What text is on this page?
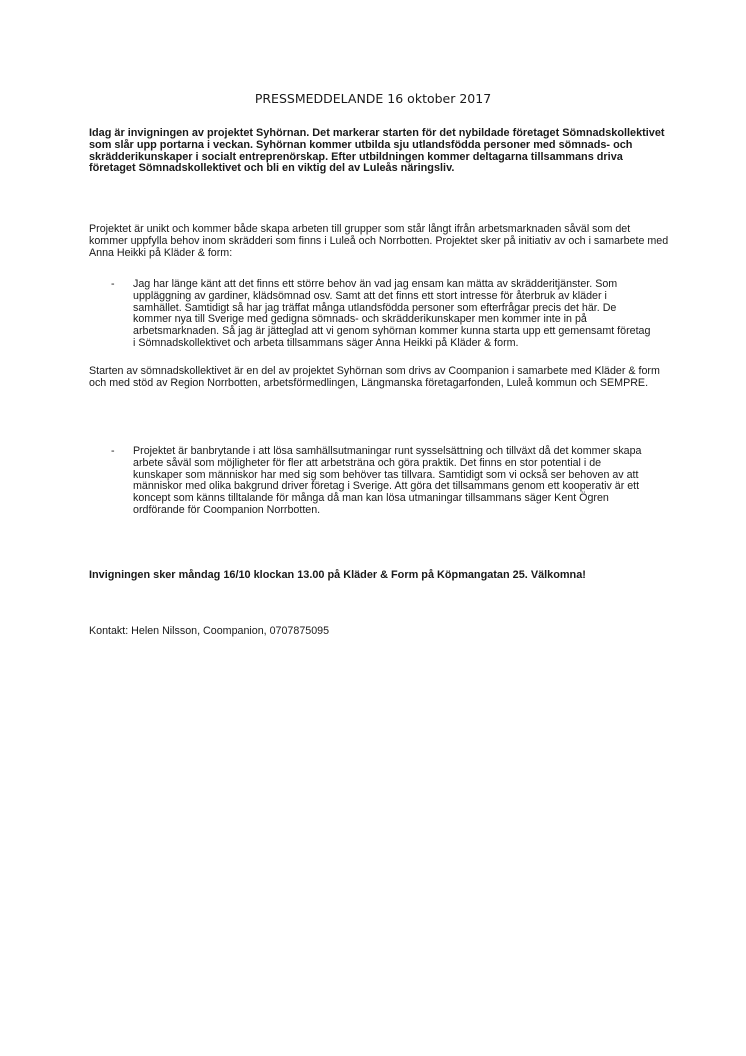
PRESSMEDDELANDE 16 oktober 2017
Idag är invigningen av projektet Syhörnan. Det markerar starten för det nybildade företaget Sömnadskollektivet som slår upp portarna i veckan. Syhörnan kommer utbilda sju utlandsfödda personer med sömnads- och skrädderikunskaper i socialt entreprenörskap. Efter utbildningen kommer deltagarna tillsammans driva företaget Sömnadskollektivet och bli en viktig del av Luleås näringsliv.
Projektet är unikt och kommer både skapa arbeten till grupper som står långt ifrån arbetsmarknaden såväl som det kommer uppfylla behov inom skrädderi som finns i Luleå och Norrbotten. Projektet sker på initiativ av och i samarbete med Anna Heikki på Kläder & form:
- Jag har länge känt att det finns ett större behov än vad jag ensam kan mätta av skrädderitjänster. Som uppläggning av gardiner, klädsömnad osv. Samt att det finns ett stort intresse för återbruk av kläder i samhället. Samtidigt så har jag träffat många utlandsfödda personer som efterfrågar precis det här. De kommer nya till Sverige med gedigna sömnads- och skrädderikunskaper men kommer inte in på arbetsmarknaden. Så jag är jätteglad att vi genom syhörnan kommer kunna starta upp ett gemensamt företag i Sömnadskollektivet och arbeta tillsammans säger Anna Heikki på Kläder & form.
Starten av sömnadskollektivet är en del av projektet Syhörnan som drivs av Coompanion i samarbete med Kläder & form och med stöd av Region Norrbotten, arbetsförmedlingen, Längmanska företagarfonden, Luleå kommun och SEMPRE.
- Projektet är banbrytande i att lösa samhällsutmaningar runt sysselsättning och tillväxt då det kommer skapa arbete såväl som möjligheter för fler att arbetsträna och göra praktik. Det finns en stor potential i de kunskaper som människor har med sig som behöver tas tillvara. Samtidigt som vi också ser behoven av att människor med olika bakgrund driver företag i Sverige. Att göra det tillsammans genom ett kooperativ är ett koncept som känns tilltalande för många då man kan lösa utmaningar tillsammans säger Kent Ögren ordförande för Coompanion Norrbotten.
Invigningen sker måndag 16/10 klockan 13.00 på Kläder & Form på Köpmangatan 25. Välkomna!
Kontakt: Helen Nilsson, Coompanion, 0707875095
